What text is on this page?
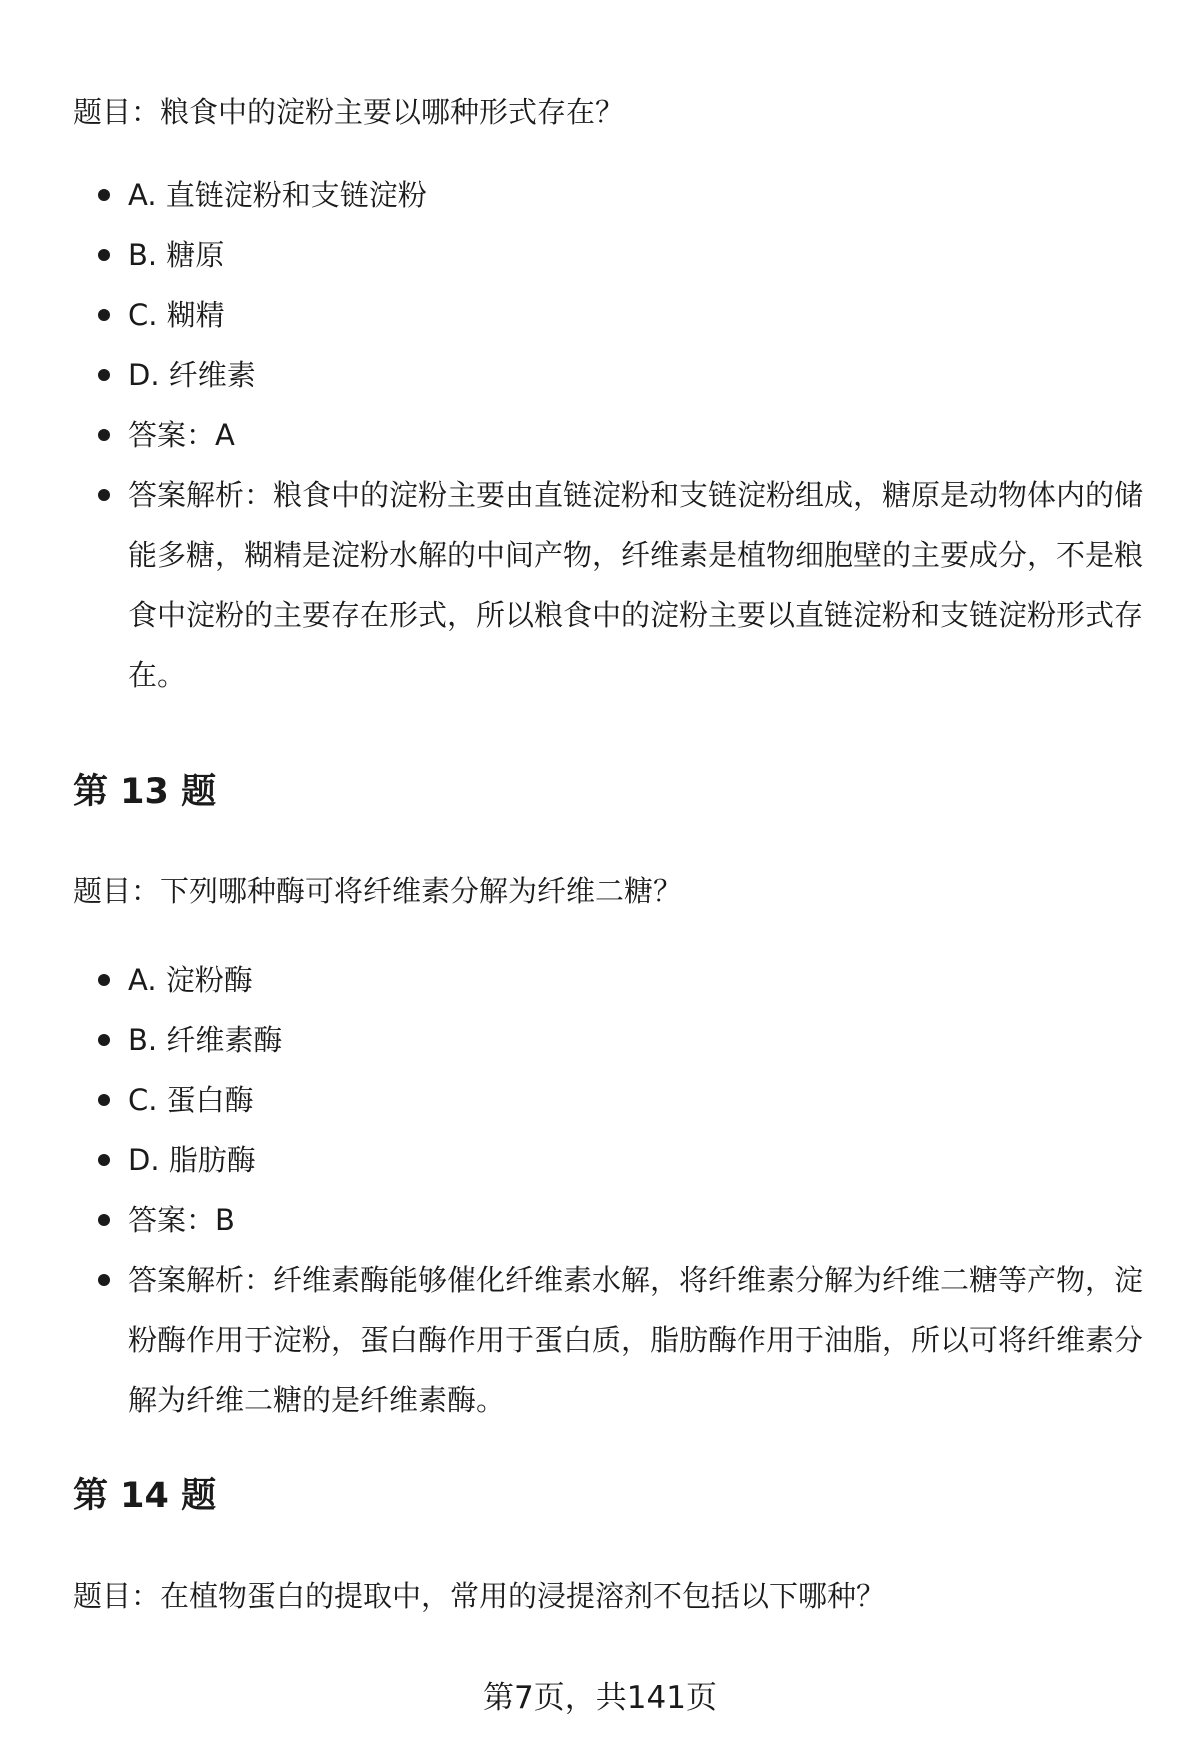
题目：粮食中的淀粉主要以哪种形式存在？
A. 直链淀粉和支链淀粉
B. 糖原
C. 糊精
D. 纤维素
答案：A
答案解析：粮食中的淀粉主要由直链淀粉和支链淀粉组成，糖原是动物体内的储能多糖，糊精是淀粉水解的中间产物，纤维素是植物细胞壁的主要成分，不是粮食中淀粉的主要存在形式，所以粮食中的淀粉主要以直链淀粉和支链淀粉形式存在。
第 13 题
题目：下列哪种酶可将纤维素分解为纤维二糖？
A. 淀粉酶
B. 纤维素酶
C. 蛋白酶
D. 脂肪酶
答案：B
答案解析：纤维素酶能够催化纤维素水解，将纤维素分解为纤维二糖等产物，淀粉酶作用于淀粉，蛋白酶作用于蛋白质，脂肪酶作用于油脂，所以可将纤维素分解为纤维二糖的是纤维素酶。
第 14 题
题目：在植物蛋白的提取中，常用的浸提溶剂不包括以下哪种？
第7页，共141页
